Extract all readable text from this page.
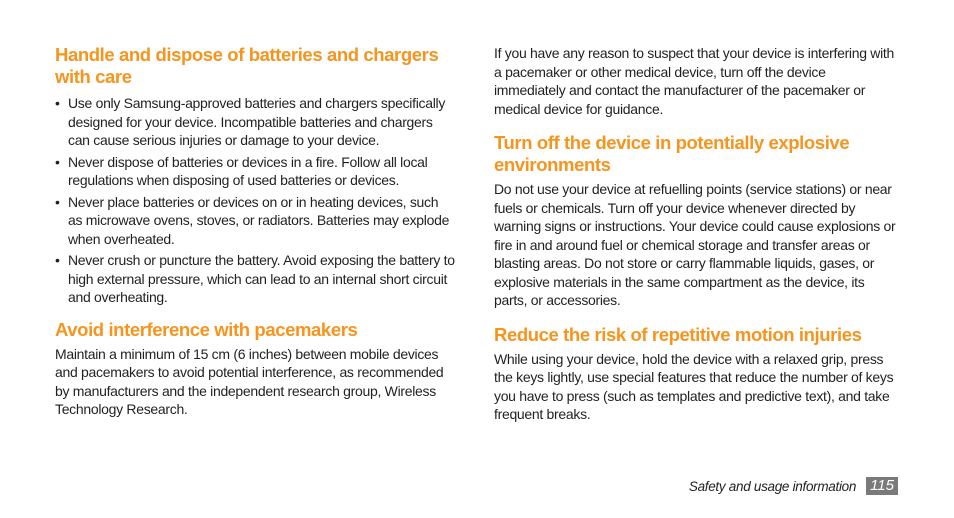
Handle and dispose of batteries and chargers with care
• Use only Samsung-approved batteries and chargers specifically designed for your device. Incompatible batteries and chargers can cause serious injuries or damage to your device.
• Never dispose of batteries or devices in a fire. Follow all local regulations when disposing of used batteries or devices.
• Never place batteries or devices on or in heating devices, such as microwave ovens, stoves, or radiators. Batteries may explode when overheated.
• Never crush or puncture the battery. Avoid exposing the battery to high external pressure, which can lead to an internal short circuit and overheating.
Avoid interference with pacemakers

Maintain a minimum of 15 cm (6 inches) between mobile devices and pacemakers to avoid potential interference, as recommended by manufacturers and the independent research group, Wireless Technology Research.

If you have any reason to suspect that your device is interfering with a pacemaker or other medical device, turn off the device immediately and contact the manufacturer of the pacemaker or medical device for guidance.

Turn off the device in potentially explosive environments

Do not use your device at refuelling points (service stations) or near fuels or chemicals. Turn off your device whenever directed by warning signs or instructions. Your device could cause explosions or fire in and around fuel or chemical storage and transfer areas or blasting areas. Do not store or carry flammable liquids, gases, or explosive materials in the same compartment as the device, its parts, or accessories.

Reduce the risk of repetitive motion injuries

While using your device, hold the device with a relaxed grip, press the keys lightly, use special features that reduce the number of keys you have to press (such as templates and predictive text), and take frequent breaks.

Safety and usage information 115
